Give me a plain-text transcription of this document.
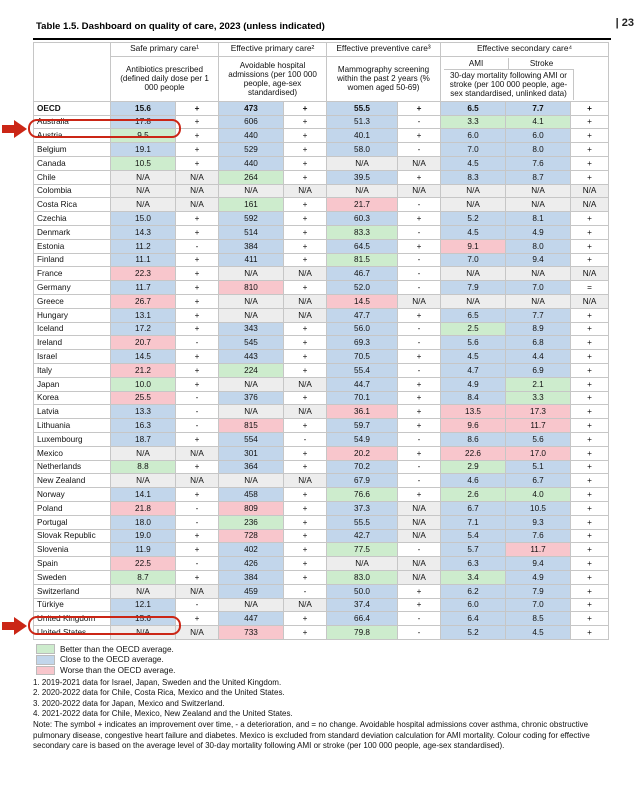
| 23
Table 1.5. Dashboard on quality of care, 2023 (unless indicated)
	Safe primary care¹		Effective primary care²		Effective preventive care³		Effective secondary care⁴		
	Antibiotics prescribed (defined daily dose per 1 000 people		Avoidable hospital admissions (per 100 000 people, age-sex standardised)		Mammography screening within the past 2 years (% women aged 50-69)		AMI Stroke
30-day mortality following AMI or stroke (per 100 000 people, age-sex standardised, unlinked data)		

OECD	15.6	+	473	+	55.5	+	6.5	7.7	+
Australia	17.8	+	606	+	51.3	-	3.3	4.1	+
Austria	9.5	+	440	+	40.1	+	6.0	6.0	+
Belgium	19.1	+	529	+	58.0	-	7.0	8.0	+
Canada	10.5	+	440	+	N/A	N/A	4.5	7.6	+
Chile	N/A	N/A	264	+	39.5	+	8.3	8.7	+
Colombia	N/A	N/A	N/A	N/A	N/A	N/A	N/A	N/A	N/A
Costa Rica	N/A	N/A	161	+	21.7	-	N/A	N/A	N/A
Czechia	15.0	+	592	+	60.3	+	5.2	8.1	+
Denmark	14.3	+	514	+	83.3	-	4.5	4.9	+
Estonia	11.2	-	384	+	64.5	+	9.1	8.0	+
Finland	11.1	+	411	+	81.5	-	7.0	9.4	+
France	22.3	+	N/A	N/A	46.7	-	N/A	N/A	N/A
Germany	11.7	+	810	+	52.0	-	7.9	7.0	=
Greece	26.7	+	N/A	N/A	14.5	N/A	N/A	N/A	N/A
Hungary	13.1	+	N/A	N/A	47.7	+	6.5	7.7	+
Iceland	17.2	+	343	+	56.0	-	2.5	8.9	+
Ireland	20.7	-	545	+	69.3	-	5.6	6.8	+
Israel	14.5	+	443	+	70.5	+	4.5	4.4	+
Italy	21.2	+	224	+	55.4	-	4.7	6.9	+
Japan	10.0	+	N/A	N/A	44.7	+	4.9	2.1	+
Korea	25.5	-	376	+	70.1	+	8.4	3.3	+
Latvia	13.3	-	N/A	N/A	36.1	+	13.5	17.3	+
Lithuania	16.3	-	815	+	59.7	+	9.6	11.7	+
Luxembourg	18.7	+	554	-	54.9	-	8.6	5.6	+
Mexico	N/A	N/A	301	+	20.2	+	22.6	17.0	+
Netherlands	8.8	+	364	+	70.2	-	2.9	5.1	+
New Zealand	N/A	N/A	N/A	N/A	67.9	-	4.6	6.7	+
Norway	14.1	+	458	+	76.6	+	2.6	4.0	+
Poland	21.8	-	809	+	37.3	N/A	6.7	10.5	+
Portugal	18.0	-	236	+	55.5	N/A	7.1	9.3	+
Slovak Republic	19.0	+	728	+	42.7	N/A	5.4	7.6	+
Slovenia	11.9	+	402	+	77.5	-	5.7	11.7	+
Spain	22.5	-	426	+	N/A	N/A	6.3	9.4	+
Sweden	8.7	+	384	+	83.0	N/A	3.4	4.9	+
Switzerland	N/A	N/A	459	-	50.0	+	6.2	7.9	+
Türkiye	12.1	-	N/A	N/A	37.4	+	6.0	7.0	+
United Kingdom	15.6	+	447	+	66.4	-	6.4	8.5	+
United States	N/A	N/A	733	+	79.8	-	5.2	4.5	+
Better than the OECD average.
Close to the OECD average.
Worse than the OECD average.
1. 2019-2021 data for Israel, Japan, Sweden and the United Kingdom.
2. 2020-2022 data for Chile, Costa Rica, Mexico and the United States.
3. 2020-2022 data for Japan, Mexico and Switzerland.
4. 2021-2022 data for Chile, Mexico, New Zealand and the United States.
Note: The symbol + indicates an improvement over time, - a deterioration, and = no change. Avoidable hospital admissions cover asthma, chronic obstructive pulmonary disease, congestive heart failure and diabetes. Mexico is excluded from standard deviation calculation for AMI mortality. Colour coding for effective secondary care is based on the average level of 30-day mortality following AMI or stroke (per 100 000 people, age-sex standardised).
